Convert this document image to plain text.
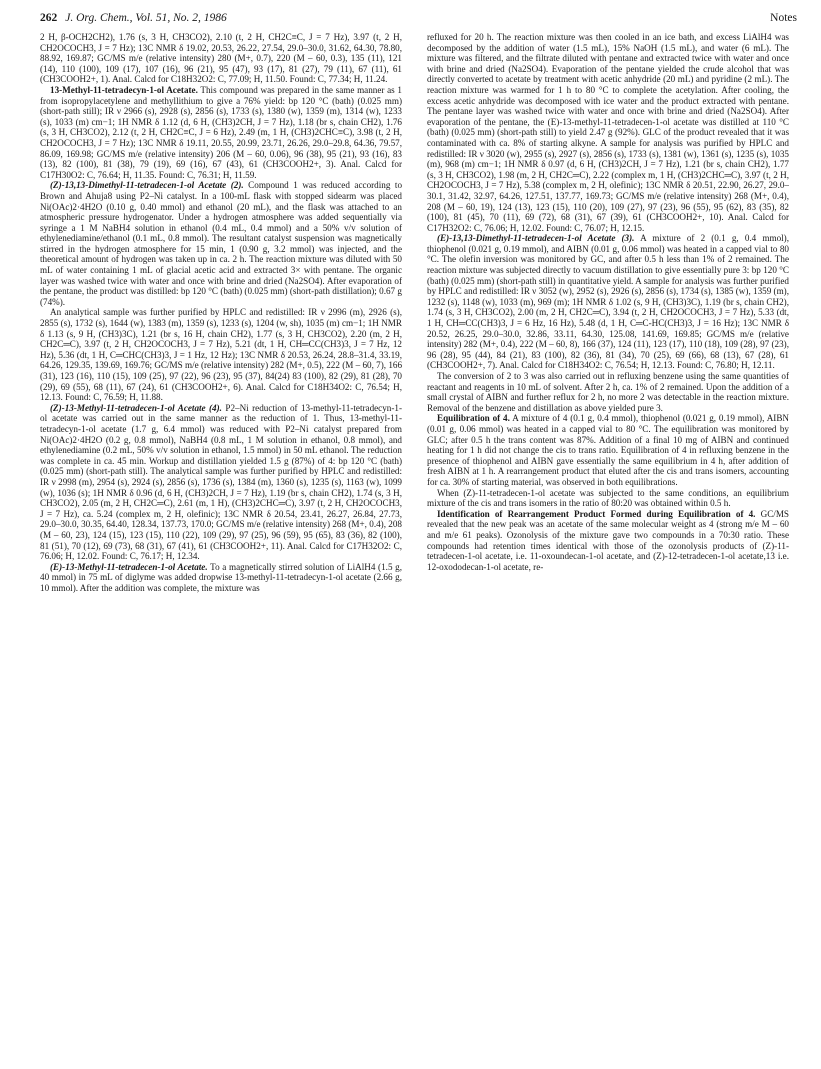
262 J. Org. Chem., Vol. 51, No. 2, 1986	Notes

2 H, β-OCH2CH2), 1.76 (s, 3 H, CH3CO2), 2.10 (t, 2 H, CH2C≡C, J = 7 Hz), 3.97 (t, 2 H, CH2OCOCH3, J = 7 Hz); 13C NMR δ 19.02, 20.53, 26.22, 27.54, 29.0–30.0, 31.62, 64.30, 78.80, 88.92, 169.87; GC/MS m/e (relative intensity) 280 (M+, 0.7), 220 (M – 60, 0.3), 135 (11), 121 (14), 110 (100), 109 (17), 107 (16), 96 (21), 95 (47), 93 (17), 81 (27), 79 (11), 67 (11), 61 (CH3COOH2+, 1). Anal. Calcd for C18H32O2: C, 77.09; H, 11.50. Found: C, 77.34; H, 11.24.

13-Methyl-11-tetradecyn-1-ol Acetate. This compound was prepared in the same manner as 1 from isopropylacetylene and methyllithium to give a 76% yield: bp 120 °C (bath) (0.025 mm) (short-path still); IR ν 2966 (s), 2928 (s), 2856 (s), 1733 (s), 1380 (w), 1359 (m), 1314 (w), 1233 (s), 1033 (m) cm−1; 1H NMR δ 1.12 (d, 6 H, (CH3)2CH, J = 7 Hz), 1.18 (br s, chain CH2), 1.76 (s, 3 H, CH3CO2), 2.12 (t, 2 H, CH2C≡C, J = 6 Hz), 2.49 (m, 1 H, (CH3)2CHC≡C), 3.98 (t, 2 H, CH2OCOCH3, J = 7 Hz); 13C NMR δ 19.11, 20.55, 20.99, 23.71, 26.26, 29.0–29.8, 64.36, 79.57, 86.09, 169.98; GC/MS m/e (relative intensity) 206 (M – 60, 0.06), 96 (38), 95 (21), 93 (16), 83 (13), 82 (100), 81 (38), 79 (19), 69 (16), 67 (43), 61 (CH3COOH2+, 3). Anal. Calcd for C17H30O2: C, 76.64; H, 11.35. Found: C, 76.31; H, 11.59.

(Z)-13,13-Dimethyl-11-tetradecen-1-ol Acetate (2). Compound 1 was reduced according to Brown and Ahuja8 using P2–Ni catalyst. In a 100-mL flask with stopped sidearm was placed Ni(OAc)2·4H2O (0.10 g, 0.40 mmol) and ethanol (20 mL), and the flask was attached to an atmospheric pressure hydrogenator. Under a hydrogen atmosphere was added sequentially via syringe a 1 M NaBH4 solution in ethanol (0.4 mL, 0.4 mmol) and a 50% v/v solution of ethylenediamine/ethanol (0.1 mL, 0.8 mmol). The resultant catalyst suspension was magnetically stirred in the hydrogen atmosphere for 15 min, 1 (0.90 g, 3.2 mmol) was injected, and the theoretical amount of hydrogen was taken up in ca. 2 h. The reaction mixture was diluted with 50 mL of water containing 1 mL of glacial acetic acid and extracted 3× with pentane. The organic layer was washed twice with water and once with brine and dried (Na2SO4). After evaporation of the pentane, the product was distilled: bp 120 °C (bath) (0.025 mm) (short-path distillation); 0.67 g (74%).

An analytical sample was further purified by HPLC and redistilled: IR ν 2996 (m), 2926 (s), 2855 (s), 1732 (s), 1644 (w), 1383 (m), 1359 (s), 1233 (s), 1204 (w, sh), 1035 (m) cm−1; 1H NMR δ 1.13 (s, 9 H, (CH3)3C), 1.21 (br s, 16 H, chain CH2), 1.77 (s, 3 H, CH3CO2), 2.20 (m, 2 H, CH2C═C), 3.97 (t, 2 H, CH2OCOCH3, J = 7 Hz), 5.21 (dt, 1 H, CH═CC(CH3)3, J = 7 Hz, 12 Hz), 5.36 (dt, 1 H, C═CHC(CH3)3, J = 1 Hz, 12 Hz); 13C NMR δ 20.53, 26.24, 28.8–31.4, 33.19, 64.26, 129.35, 139.69, 169.76; GC/MS m/e (relative intensity) 282 (M+, 0.5), 222 (M – 60, 7), 166 (31), 123 (16), 110 (15), 109 (25), 97 (22), 96 (23), 95 (37), 84(24) 83 (100), 82 (29), 81 (28), 70 (29), 69 (55), 68 (11), 67 (24), 61 (CH3COOH2+, 6). Anal. Calcd for C18H34O2: C, 76.54; H, 12.13. Found: C, 76.59; H, 11.88.

(Z)-13-Methyl-11-tetradecen-1-ol Acetate (4). P2–Ni reduction of 13-methyl-11-tetradecyn-1-ol acetate was carried out in the same manner as the reduction of 1. Thus, 13-methyl-11-tetradecyn-1-ol acetate (1.7 g, 6.4 mmol) was reduced with P2–Ni catalyst prepared from Ni(OAc)2·4H2O (0.2 g, 0.8 mmol), NaBH4 (0.8 mL, 1 M solution in ethanol, 0.8 mmol), and ethylenediamine (0.2 mL, 50% v/v solution in ethanol, 1.5 mmol) in 50 mL ethanol. The reduction was complete in ca. 45 min. Workup and distillation yielded 1.5 g (87%) of 4: bp 120 °C (bath) (0.025 mm) (short-path still). The analytical sample was further purified by HPLC and redistilled: IR ν 2998 (m), 2954 (s), 2924 (s), 2856 (s), 1736 (s), 1384 (m), 1360 (s), 1235 (s), 1163 (w), 1099 (w), 1036 (s); 1H NMR δ 0.96 (d, 6 H, (CH3)2CH, J = 7 Hz), 1.19 (br s, chain CH2), 1.74 (s, 3 H, CH3CO2), 2.05 (m, 2 H, CH2C═C), 2.61 (m, 1 H), (CH3)2CHC═C), 3.97 (t, 2 H, CH2OCOCH3, J = 7 Hz), ca. 5.24 (complex m, 2 H, olefinic); 13C NMR δ 20.54, 23.41, 26.27, 26.84, 27.73, 29.0–30.0, 30.35, 64.40, 128.34, 137.73, 170.0; GC/MS m/e (relative intensity) 268 (M+, 0.4), 208 (M – 60, 23), 124 (15), 123 (15), 110 (22), 109 (29), 97 (25), 96 (59), 95 (65), 83 (36), 82 (100), 81 (51), 70 (12), 69 (73), 68 (31), 67 (41), 61 (CH3COOH2+, 11). Anal. Calcd for C17H32O2: C, 76.06; H, 12.02. Found: C, 76.17; H, 12.34.

(E)-13-Methyl-11-tetradecen-1-ol Acetate. To a magnetically stirred solution of LiAlH4 (1.5 g, 40 mmol) in 75 mL of diglyme was added dropwise 13-methyl-11-tetradecyn-1-ol acetate (2.66 g, 10 mmol). After the addition was complete, the mixture was

refluxed for 20 h. The reaction mixture was then cooled in an ice bath, and excess LiAlH4 was decomposed by the addition of water (1.5 mL), 15% NaOH (1.5 mL), and water (6 mL). The mixture was filtered, and the filtrate diluted with pentane and extracted twice with water and once with brine and dried (Na2SO4). Evaporation of the pentane yielded the crude alcohol that was directly converted to acetate by treatment with acetic anhydride (20 mL) and pyridine (2 mL). The reaction mixture was warmed for 1 h to 80 °C to complete the acetylation. After cooling, the excess acetic anhydride was decomposed with ice water and the product extracted with pentane. The pentane layer was washed twice with water and once with brine and dried (Na2SO4). After evaporation of the pentane, the (E)-13-methyl-11-tetradecen-1-ol acetate was distilled at 110 °C (bath) (0.025 mm) (short-path still) to yield 2.47 g (92%). GLC of the product revealed that it was contaminated with ca. 8% of starting alkyne. A sample for analysis was purified by HPLC and redistilled: IR ν 3020 (w), 2955 (s), 2927 (s), 2856 (s), 1733 (s), 1381 (w), 1361 (s), 1235 (s), 1035 (m), 968 (m) cm−1; 1H NMR δ 0.97 (d, 6 H, (CH3)2CH, J = 7 Hz), 1.21 (br s, chain CH2), 1.77 (s, 3 H, CH3CO2), 1.98 (m, 2 H, CH2C═C), 2.22 (complex m, 1 H, (CH3)2CHC═C), 3.97 (t, 2 H, CH2OCOCH3, J = 7 Hz), 5.38 (complex m, 2 H, olefinic); 13C NMR δ 20.51, 22.90, 26.27, 29.0–30.1, 31.42, 32.97, 64.26, 127.51, 137.77, 169.73; GC/MS m/e (relative intensity) 268 (M+, 0.4), 208 (M – 60, 19), 124 (13), 123 (15), 110 (20), 109 (27), 97 (23), 96 (55), 95 (62), 83 (35), 82 (100), 81 (45), 70 (11), 69 (72), 68 (31), 67 (39), 61 (CH3COOH2+, 10). Anal. Calcd for C17H32O2: C, 76.06; H, 12.02. Found: C, 76.07; H, 12.15.

(E)-13,13-Dimethyl-11-tetradecen-1-ol Acetate (3). A mixture of 2 (0.1 g, 0.4 mmol), thiophenol (0.021 g, 0.19 mmol), and AIBN (0.01 g, 0.06 mmol) was heated in a capped vial to 80 °C. The olefin inversion was monitored by GC, and after 0.5 h less than 1% of 2 remained. The reaction mixture was subjected directly to vacuum distillation to give essentially pure 3: bp 120 °C (bath) (0.025 mm) (short-path still) in quantitative yield. A sample for analysis was further purified by HPLC and redistilled: IR ν 3052 (w), 2952 (s), 2926 (s), 2856 (s), 1734 (s), 1385 (w), 1359 (m), 1232 (s), 1148 (w), 1033 (m), 969 (m); 1H NMR δ 1.02 (s, 9 H, (CH3)3C), 1.19 (br s, chain CH2), 1.74 (s, 3 H, CH3CO2), 2.00 (m, 2 H, CH2C═C), 3.94 (t, 2 H, CH2OCOCH3, J = 7 Hz), 5.33 (dt, 1 H, CH═CC(CH3)3, J = 6 Hz, 16 Hz), 5.48 (d, 1 H, C═C-HC(CH3)3, J = 16 Hz); 13C NMR δ 20.52, 26.25, 29.0–30.0, 32.86, 33.11, 64.30, 125.08, 141.69, 169.85; GC/MS m/e (relative intensity) 282 (M+, 0.4), 222 (M – 60, 8), 166 (37), 124 (11), 123 (17), 110 (18), 109 (28), 97 (23), 96 (28), 95 (44), 84 (21), 83 (100), 82 (36), 81 (34), 70 (25), 69 (66), 68 (13), 67 (28), 61 (CH3COOH2+, 7). Anal. Calcd for C18H34O2: C, 76.54; H, 12.13. Found: C, 76.80; H, 12.11.

The conversion of 2 to 3 was also carried out in refluxing benzene using the same quantities of reactant and reagents in 10 mL of solvent. After 2 h, ca. 1% of 2 remained. Upon the addition of a small crystal of AIBN and further reflux for 2 h, no more 2 was detectable in the reaction mixture. Removal of the benzene and distillation as above yielded pure 3.

Equilibration of 4. A mixture of 4 (0.1 g, 0.4 mmol), thiophenol (0.021 g, 0.19 mmol), AIBN (0.01 g, 0.06 mmol) was heated in a capped vial to 80 °C. The equilibration was monitored by GLC; after 0.5 h the trans content was 87%. Addition of a final 10 mg of AIBN and continued heating for 1 h did not change the cis to trans ratio. Equilibration of 4 in refluxing benzene in the presence of thiophenol and AIBN gave essentially the same equilibrium in 4 h, after addition of fresh AIBN at 1 h. A rearrangement product that eluted after the cis and trans isomers, accounting for ca. 30% of starting material, was observed in both equilibrations.

When (Z)-11-tetradecen-1-ol acetate was subjected to the same conditions, an equilibrium mixture of the cis and trans isomers in the ratio of 80:20 was obtained within 0.5 h.

Identification of Rearrangement Product Formed during Equilibration of 4. GC/MS revealed that the new peak was an acetate of the same molecular weight as 4 (strong m/e M – 60 and m/e 61 peaks). Ozonolysis of the mixture gave two compounds in a 70:30 ratio. These compounds had retention times identical with those of the ozonolysis products of (Z)-11-tetradecen-1-ol acetate, i.e. 11-oxoundecan-1-ol acetate, and (Z)-12-tetradecen-1-ol acetate,13 i.e. 12-oxododecan-1-ol acetate, re-
